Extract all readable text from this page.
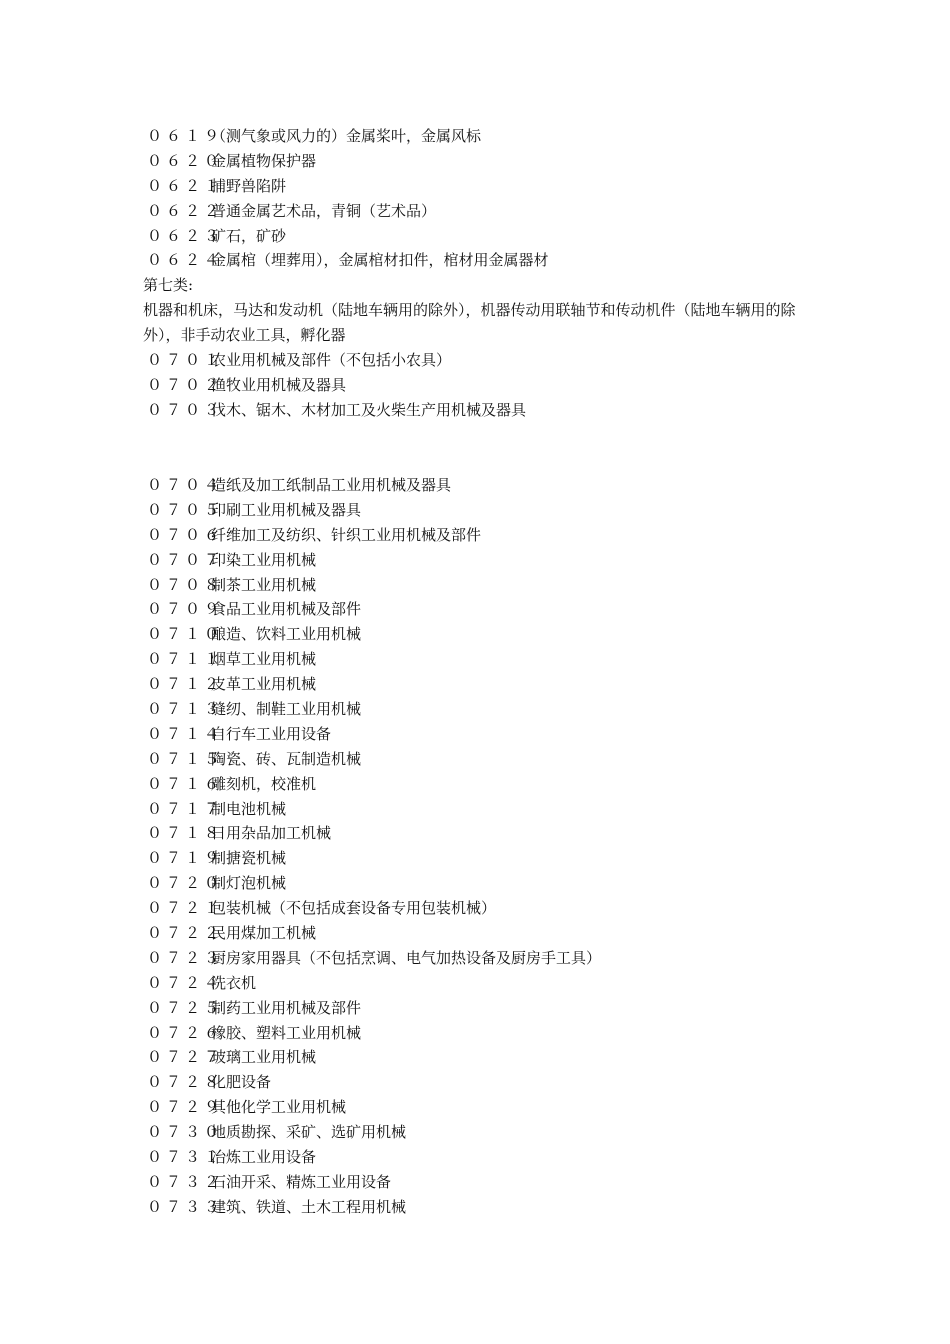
０６１９（测气象或风力的）金属桨叶，金属风标
０６２０金属植物保护器
０６２１捕野兽陷阱
０６２２普通金属艺术品，青铜（艺术品）
０６２３矿石，矿砂
０６２４金属棺（埋葬用），金属棺材扣件，棺材用金属器材
第七类:
机器和机床，马达和发动机（陆地车辆用的除外），机器传动用联轴节和传动机件（陆地车辆用的除外），非手动农业工具，孵化器
０７０１农业用机械及部件（不包括小农具）
０７０２渔牧业用机械及器具
０７０３伐木、锯木、木材加工及火柴生产用机械及器具
０７０４造纸及加工纸制品工业用机械及器具
０７０５印刷工业用机械及器具
０７０６纤维加工及纺织、针织工业用机械及部件
０７０７印染工业用机械
０７０８制茶工业用机械
０７０９食品工业用机械及部件
０７１０酿造、饮料工业用机械
０７１１烟草工业用机械
０７１２皮革工业用机械
０７１３缝纫、制鞋工业用机械
０７１４自行车工业用设备
０７１５陶瓷、砖、瓦制造机械
０７１６雕刻机，校准机
０７１７制电池机械
０７１８日用杂品加工机械
０７１９制搪瓷机械
０７２０制灯泡机械
０７２１包装机械（不包括成套设备专用包装机械）
０７２２民用煤加工机械
０７２３厨房家用器具（不包括烹调、电气加热设备及厨房手工具）
０７２４洗衣机
０７２５制药工业用机械及部件
０７２６橡胶、塑料工业用机械
０７２７玻璃工业用机械
０７２８化肥设备
０７２９其他化学工业用机械
０７３０地质勘探、采矿、选矿用机械
０７３１冶炼工业用设备
０７３２石油开采、精炼工业用设备
０７３３建筑、铁道、土木工程用机械
